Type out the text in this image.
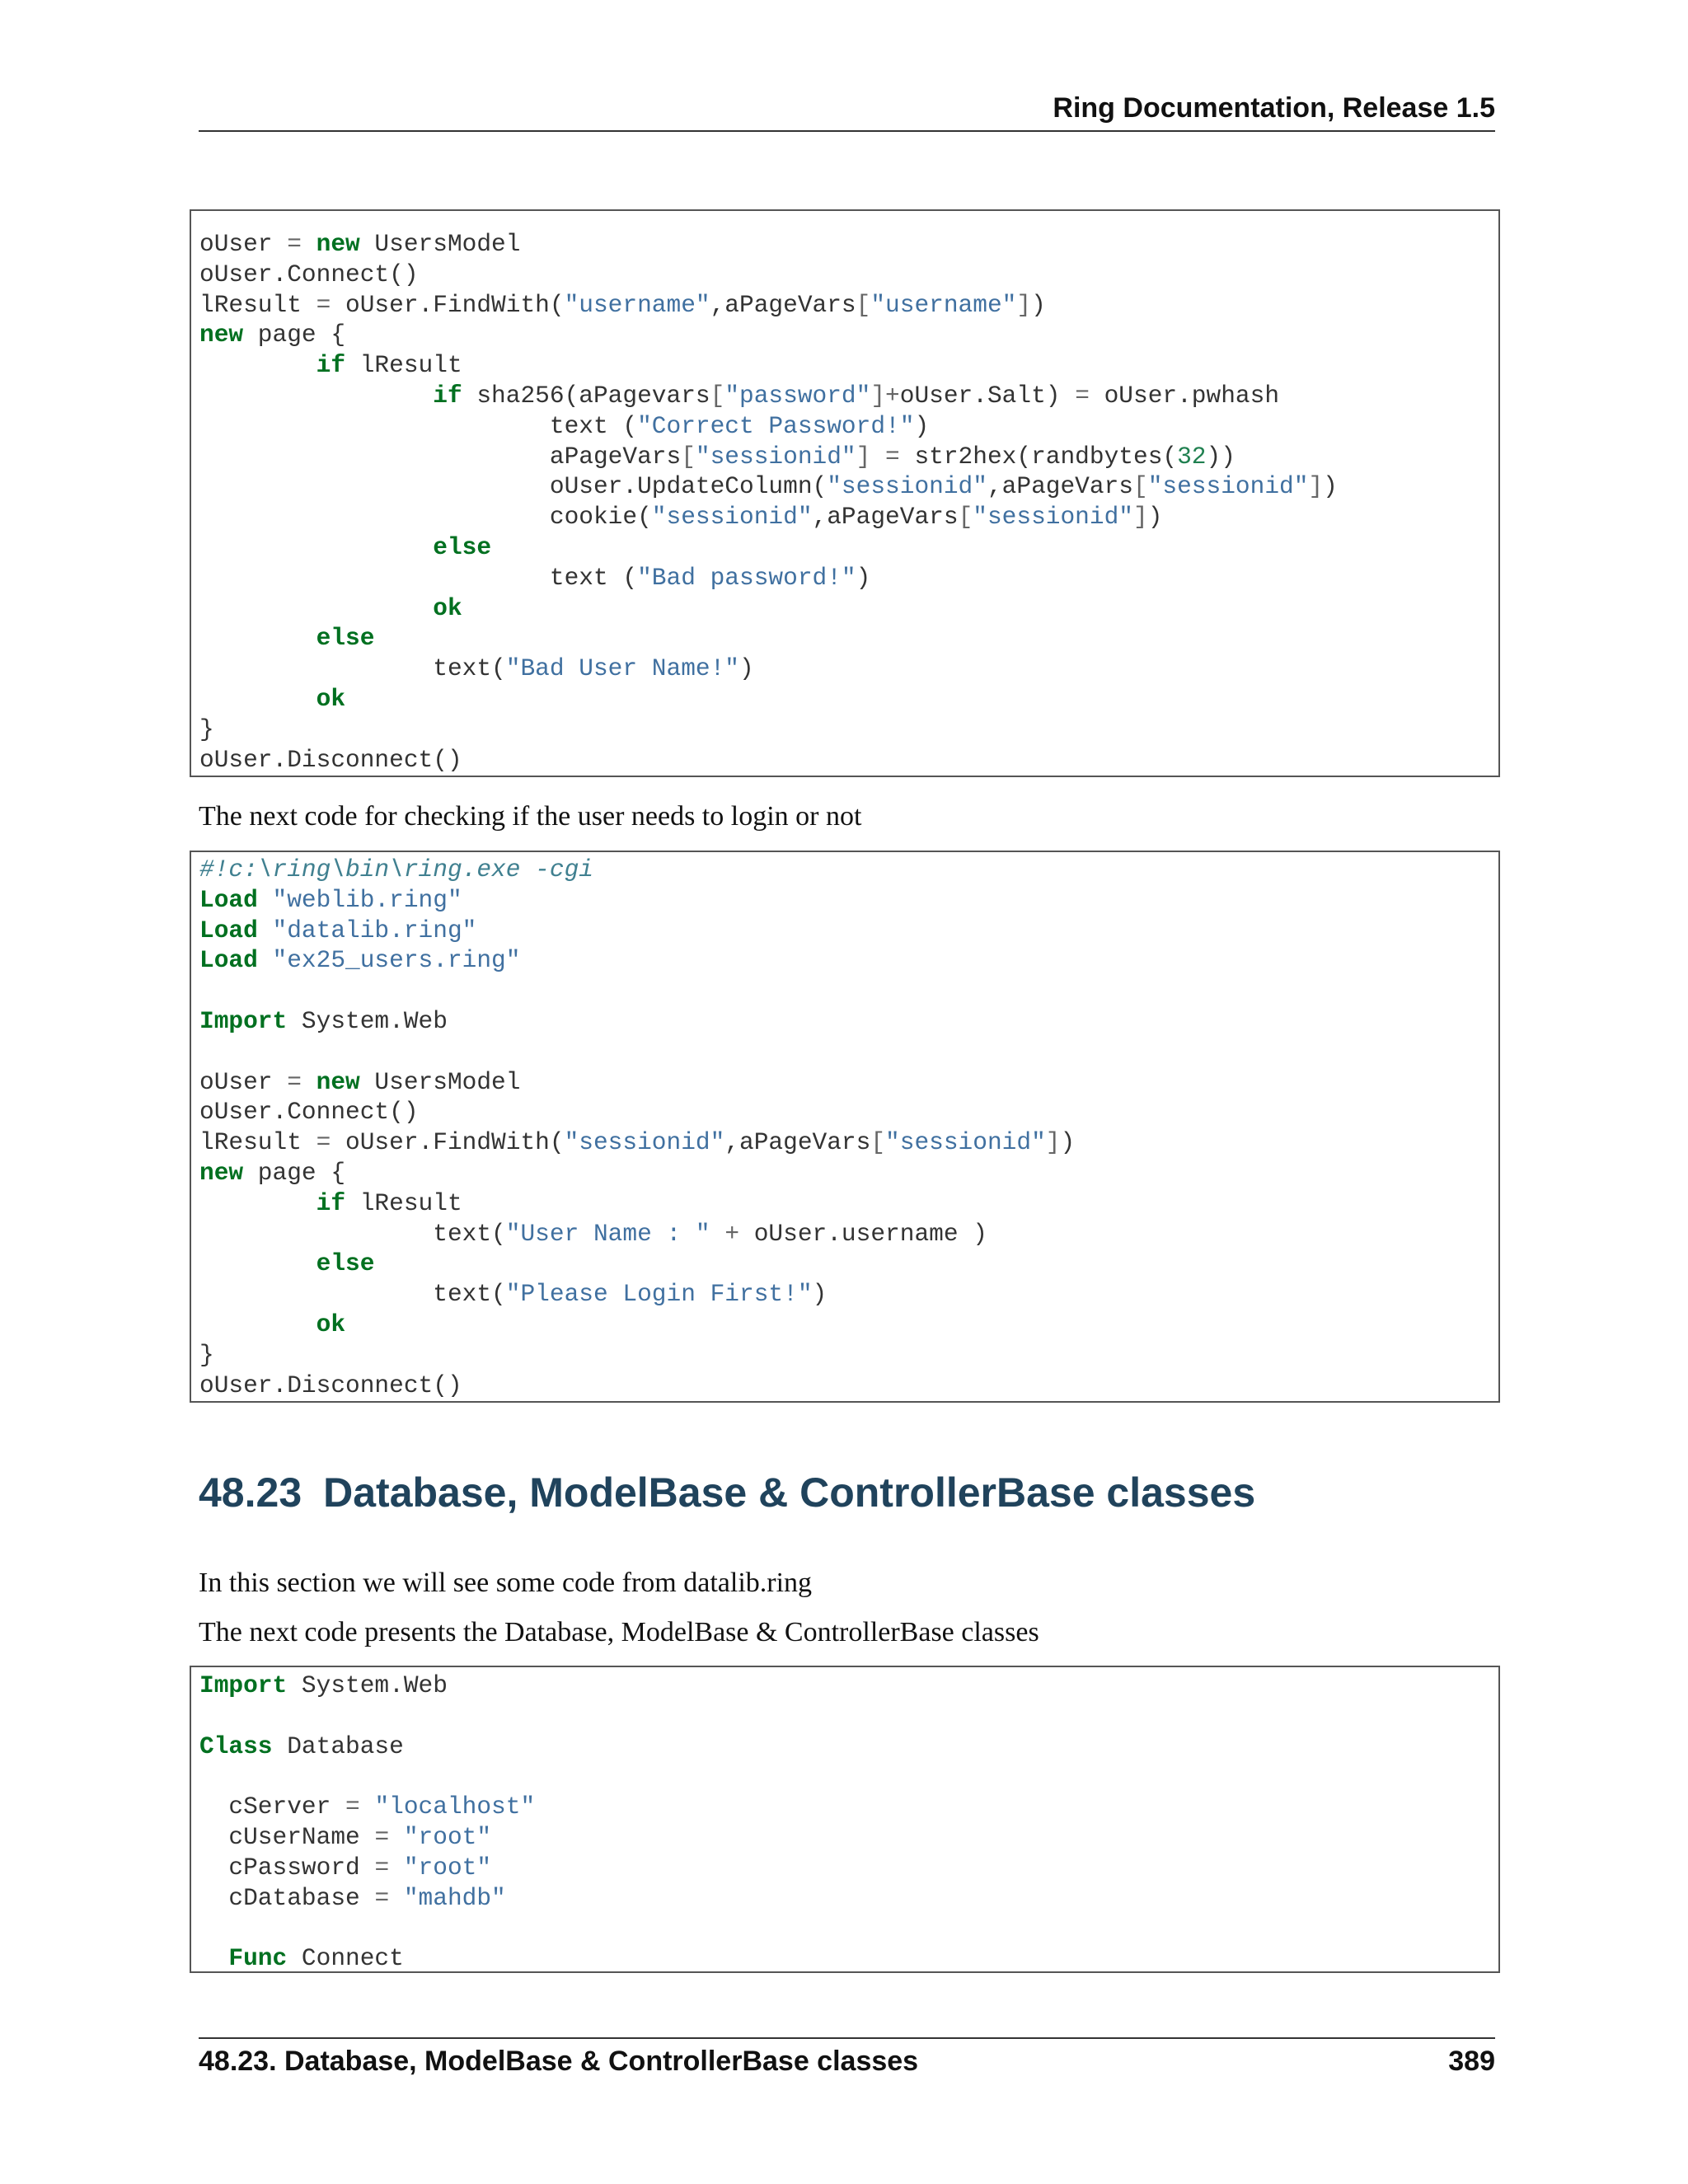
Ring Documentation, Release 1.5
oUser = new UsersModel
oUser.Connect()
lResult = oUser.FindWith("username",aPageVars["username"])
new page {
	if lResult
		if sha256(aPagevars["password"]+oUser.Salt) = oUser.pwhash
			text ("Correct Password!")
			aPageVars["sessionid"] = str2hex(randbytes(32))
			oUser.UpdateColumn("sessionid",aPageVars["sessionid"])
			cookie("sessionid",aPageVars["sessionid"])
		else
			text ("Bad password!")
		ok
	else
		text("Bad User Name!")
	ok
}
oUser.Disconnect()
The next code for checking if the user needs to login or not
#!c:\ring\bin\ring.exe -cgi
Load "weblib.ring"
Load "datalib.ring"
Load "ex25_users.ring"

Import System.Web

oUser = new UsersModel
oUser.Connect()
lResult = oUser.FindWith("sessionid",aPageVars["sessionid"])
new page {
	if lResult
		text("User Name : " + oUser.username )
	else
		text("Please Login First!")
	ok
}
oUser.Disconnect()
48.23 Database, ModelBase & ControllerBase classes
In this section we will see some code from datalib.ring
The next code presents the Database, ModelBase & ControllerBase classes
Import System.Web

Class Database

cServer = "localhost"
cUserName = "root"
cPassword = "root"
cDatabase = "mahdb"

Func Connect
48.23. Database, ModelBase & ControllerBase classes	389
